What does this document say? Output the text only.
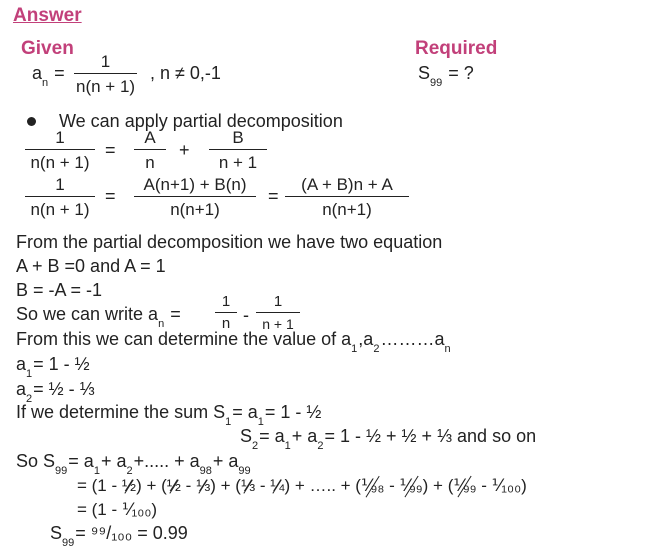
Answer
Given	Required
$a_n$ =
1
n(n + 1)
, n ≠ 0,-1	$S_{99}$ = ?
We can apply partial decomposition
1
n(n + 1)
=
A
n
+
B
n + 1
1
n(n + 1)
=
A(n+1) + B(n)
n(n+1)
=
(A + B)n + A
n(n+1)
From the partial decomposition we have two equation
A + B =0 and A = 1
B = -A = -1
So we can write $a_n$ =
1
n -
1
n + 1
From this we can determine the value of $a_1,a_2\dots\dots\dots a_n$
$a_1= 1$ - ½
$a_2=$ ½ - ⅓
If we determine the sum $S_1= a_1= 1$ - ½
$S_2= a_1+ a_2= 1$ - ½ + ½ + ⅓ and so on
So $S_{99}= a_1+ a_2+$..... + $a_{98}+ a_{99}$
= (1 - ½) + (½ - ⅓) + (⅓ - ¼) + ….. + (⅟₉₈ - ⅟₉₉) + (⅟₉₉ - ⅟₁₀₀)
= (1 - ⅟₁₀₀)
$S_{99}= ^{99}/_{100} = 0.99$
